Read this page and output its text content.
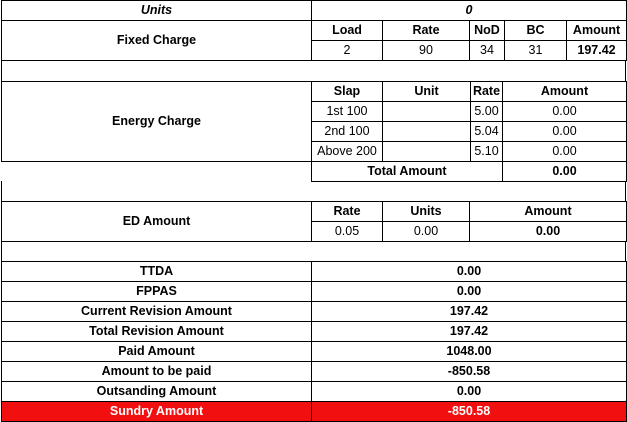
Units	0				
Fixed Charge	Load	Rate	NoD	BC	Amount
	2	90	34	31	197.42
Energy Charge	Slap	Unit	Rate	Amount
	1st 100		5.00	0.00
	2nd 100		5.04	0.00
	Above 200		5.10	0.00
	Total Amount			0.00
ED Amount	Rate	Units	Amount
	0.05	0.00	0.00
TTDA	0.00
FPPAS	0.00
Current Revision Amount	197.42
Total Revision Amount	197.42
Paid Amount	1048.00
Amount to be paid	-850.58
Outsanding Amount	0.00
Sundry Amount	-850.58
